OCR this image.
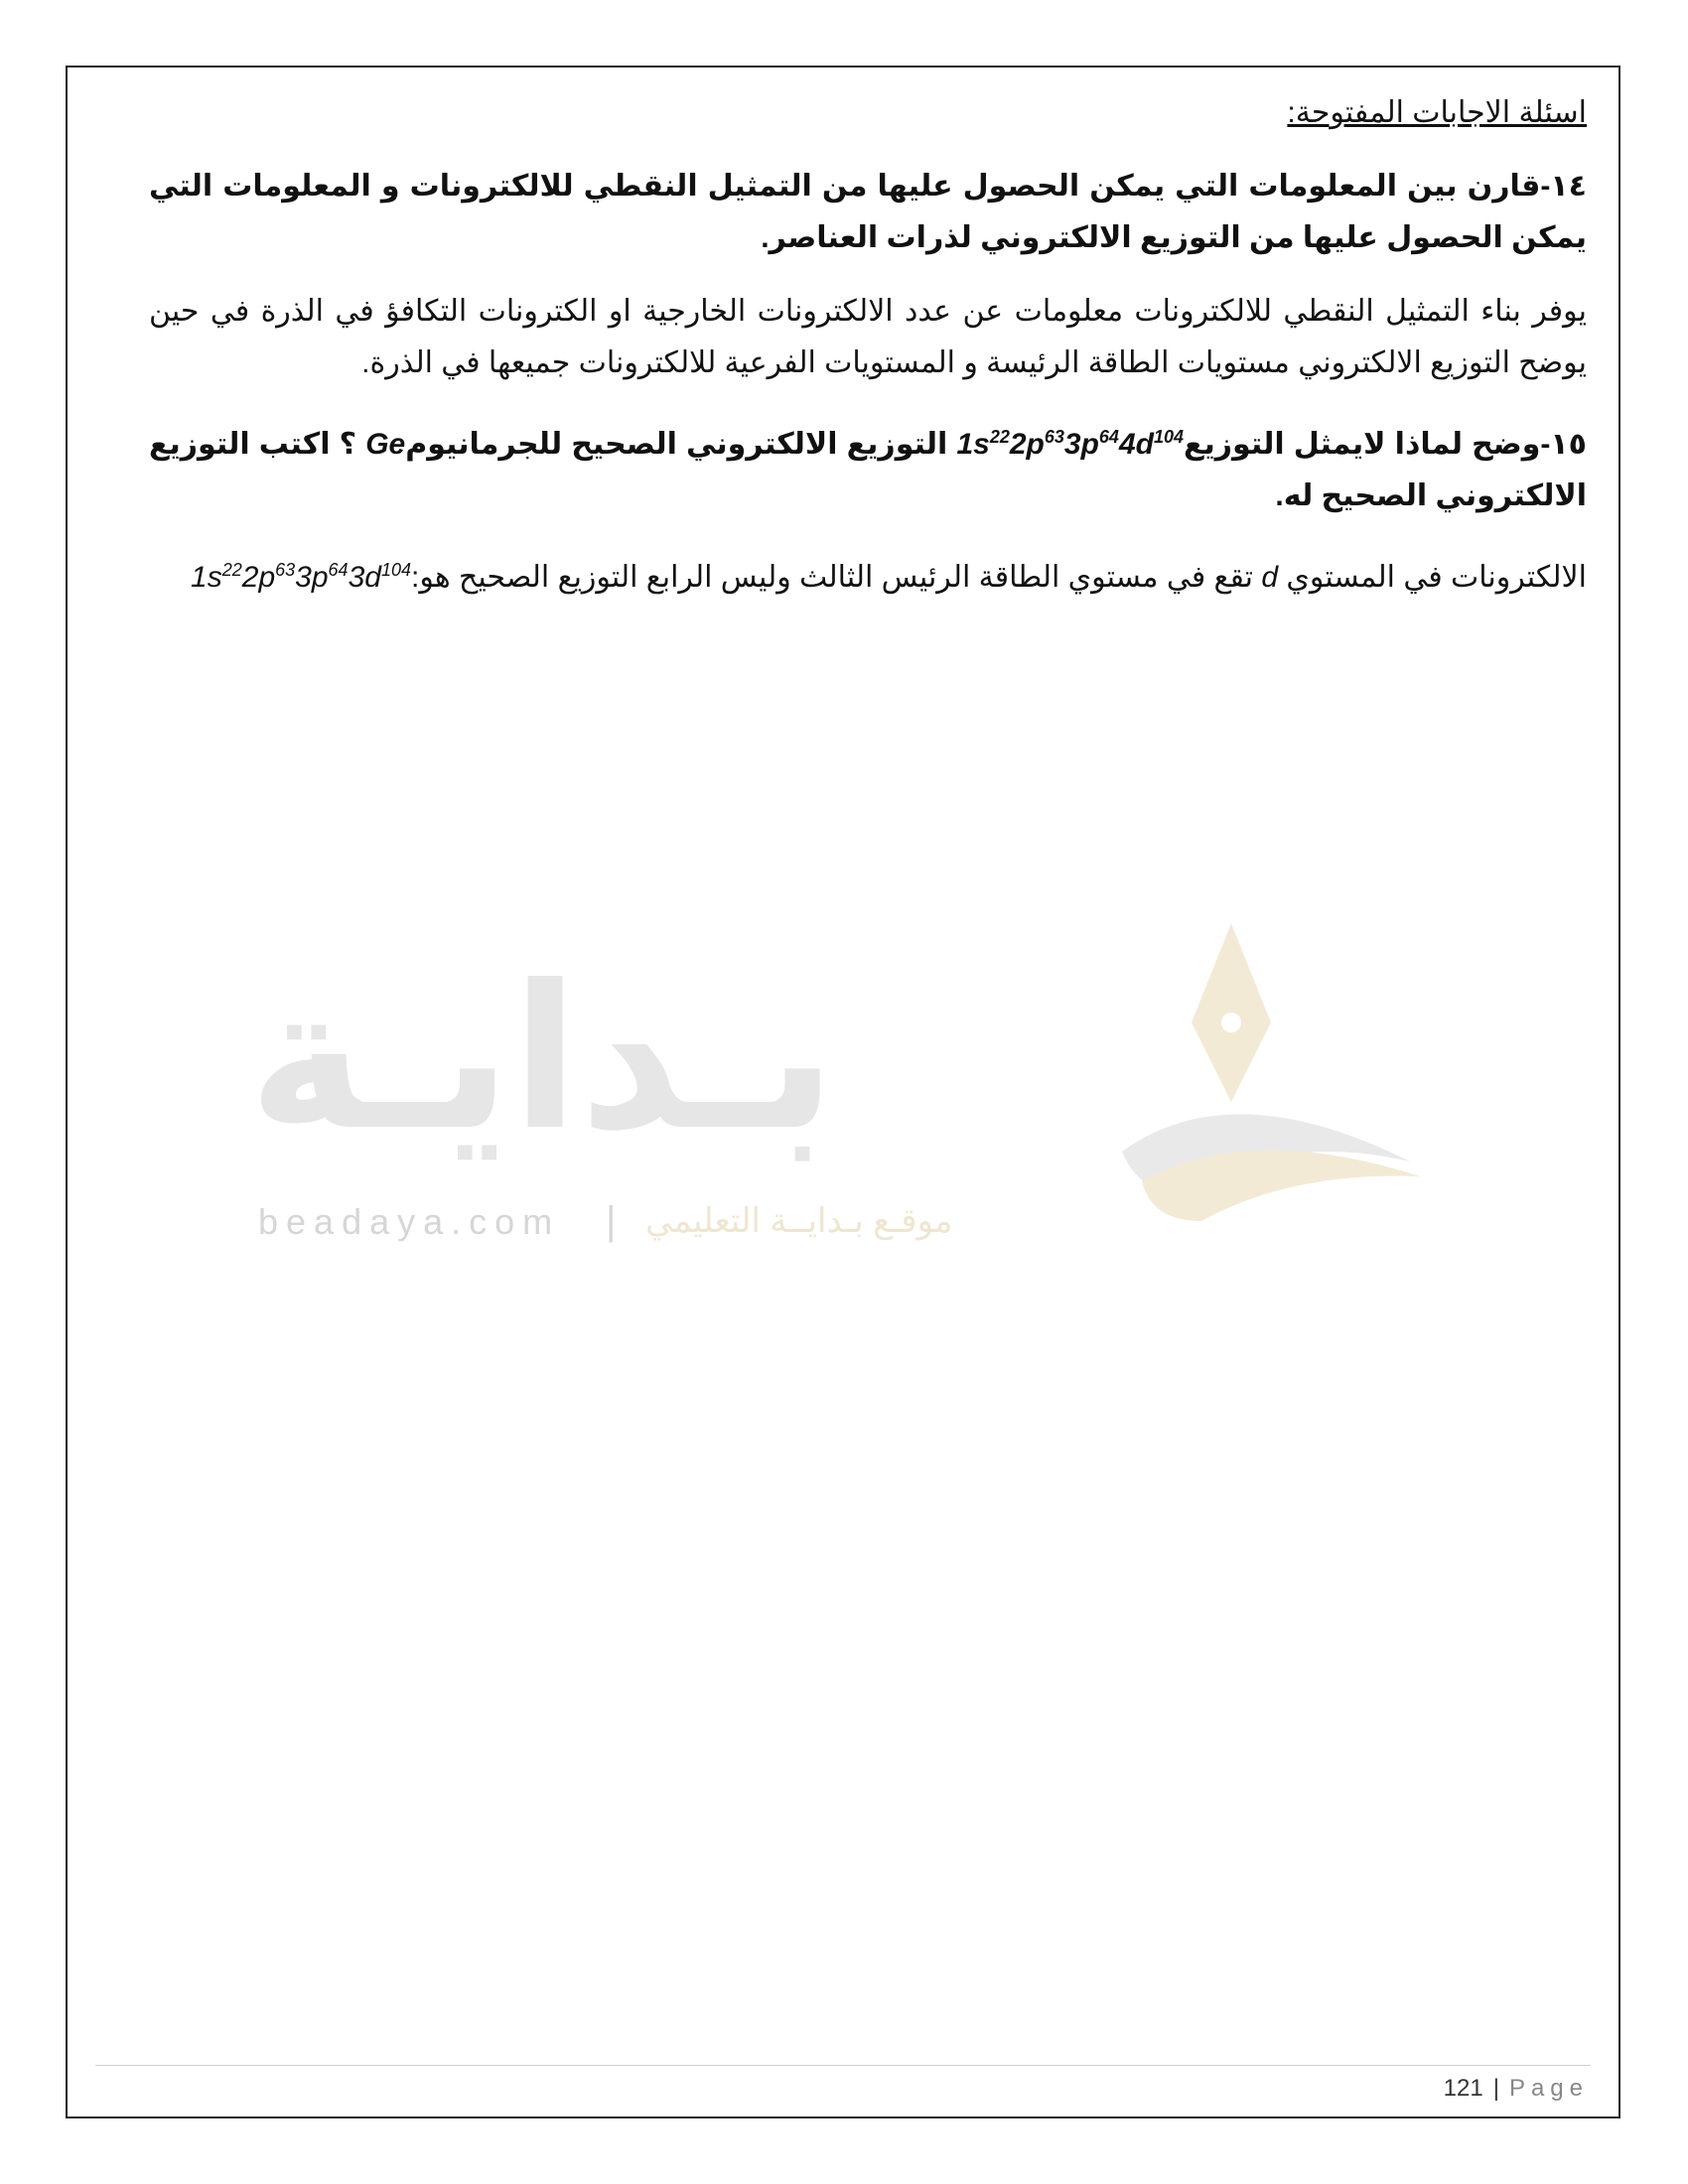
بـدايـة
beadaya.com | موقـع بـدايــة التعليمي
اسئلة الاجابات المفتوحة:

١٤-قارن بين المعلومات التي يمكن الحصول عليها من التمثيل النقطي للالكترونات و المعلومات التي يمكن الحصول عليها من التوزيع الالكتروني لذرات العناصر.

يوفر بناء التمثيل النقطي للالكترونات معلومات عن عدد الالكترونات الخارجية او الكترونات التكافؤ في الذرة في حين يوضح التوزيع الالكتروني مستويات الطاقة الرئيسة و المستويات الفرعية للالكترونات جميعها في الذرة.

١٥-وضح لماذا لايمثل $التوزيع1s^{22}2p^{63}3p^{64}4d^{104}$ التوزيع الالكتروني الصحيح للجرمانيومGe ؟ اكتب التوزيع الالكتروني الصحيح له.

الالكترونات في المستوي d تقع في مستوي الطاقة الرئيس الثالث وليس الرابع التوزيع الصحيح $هو:1s^{22}2p^{63}3p^{64}3d^{104}$

121 | Page
